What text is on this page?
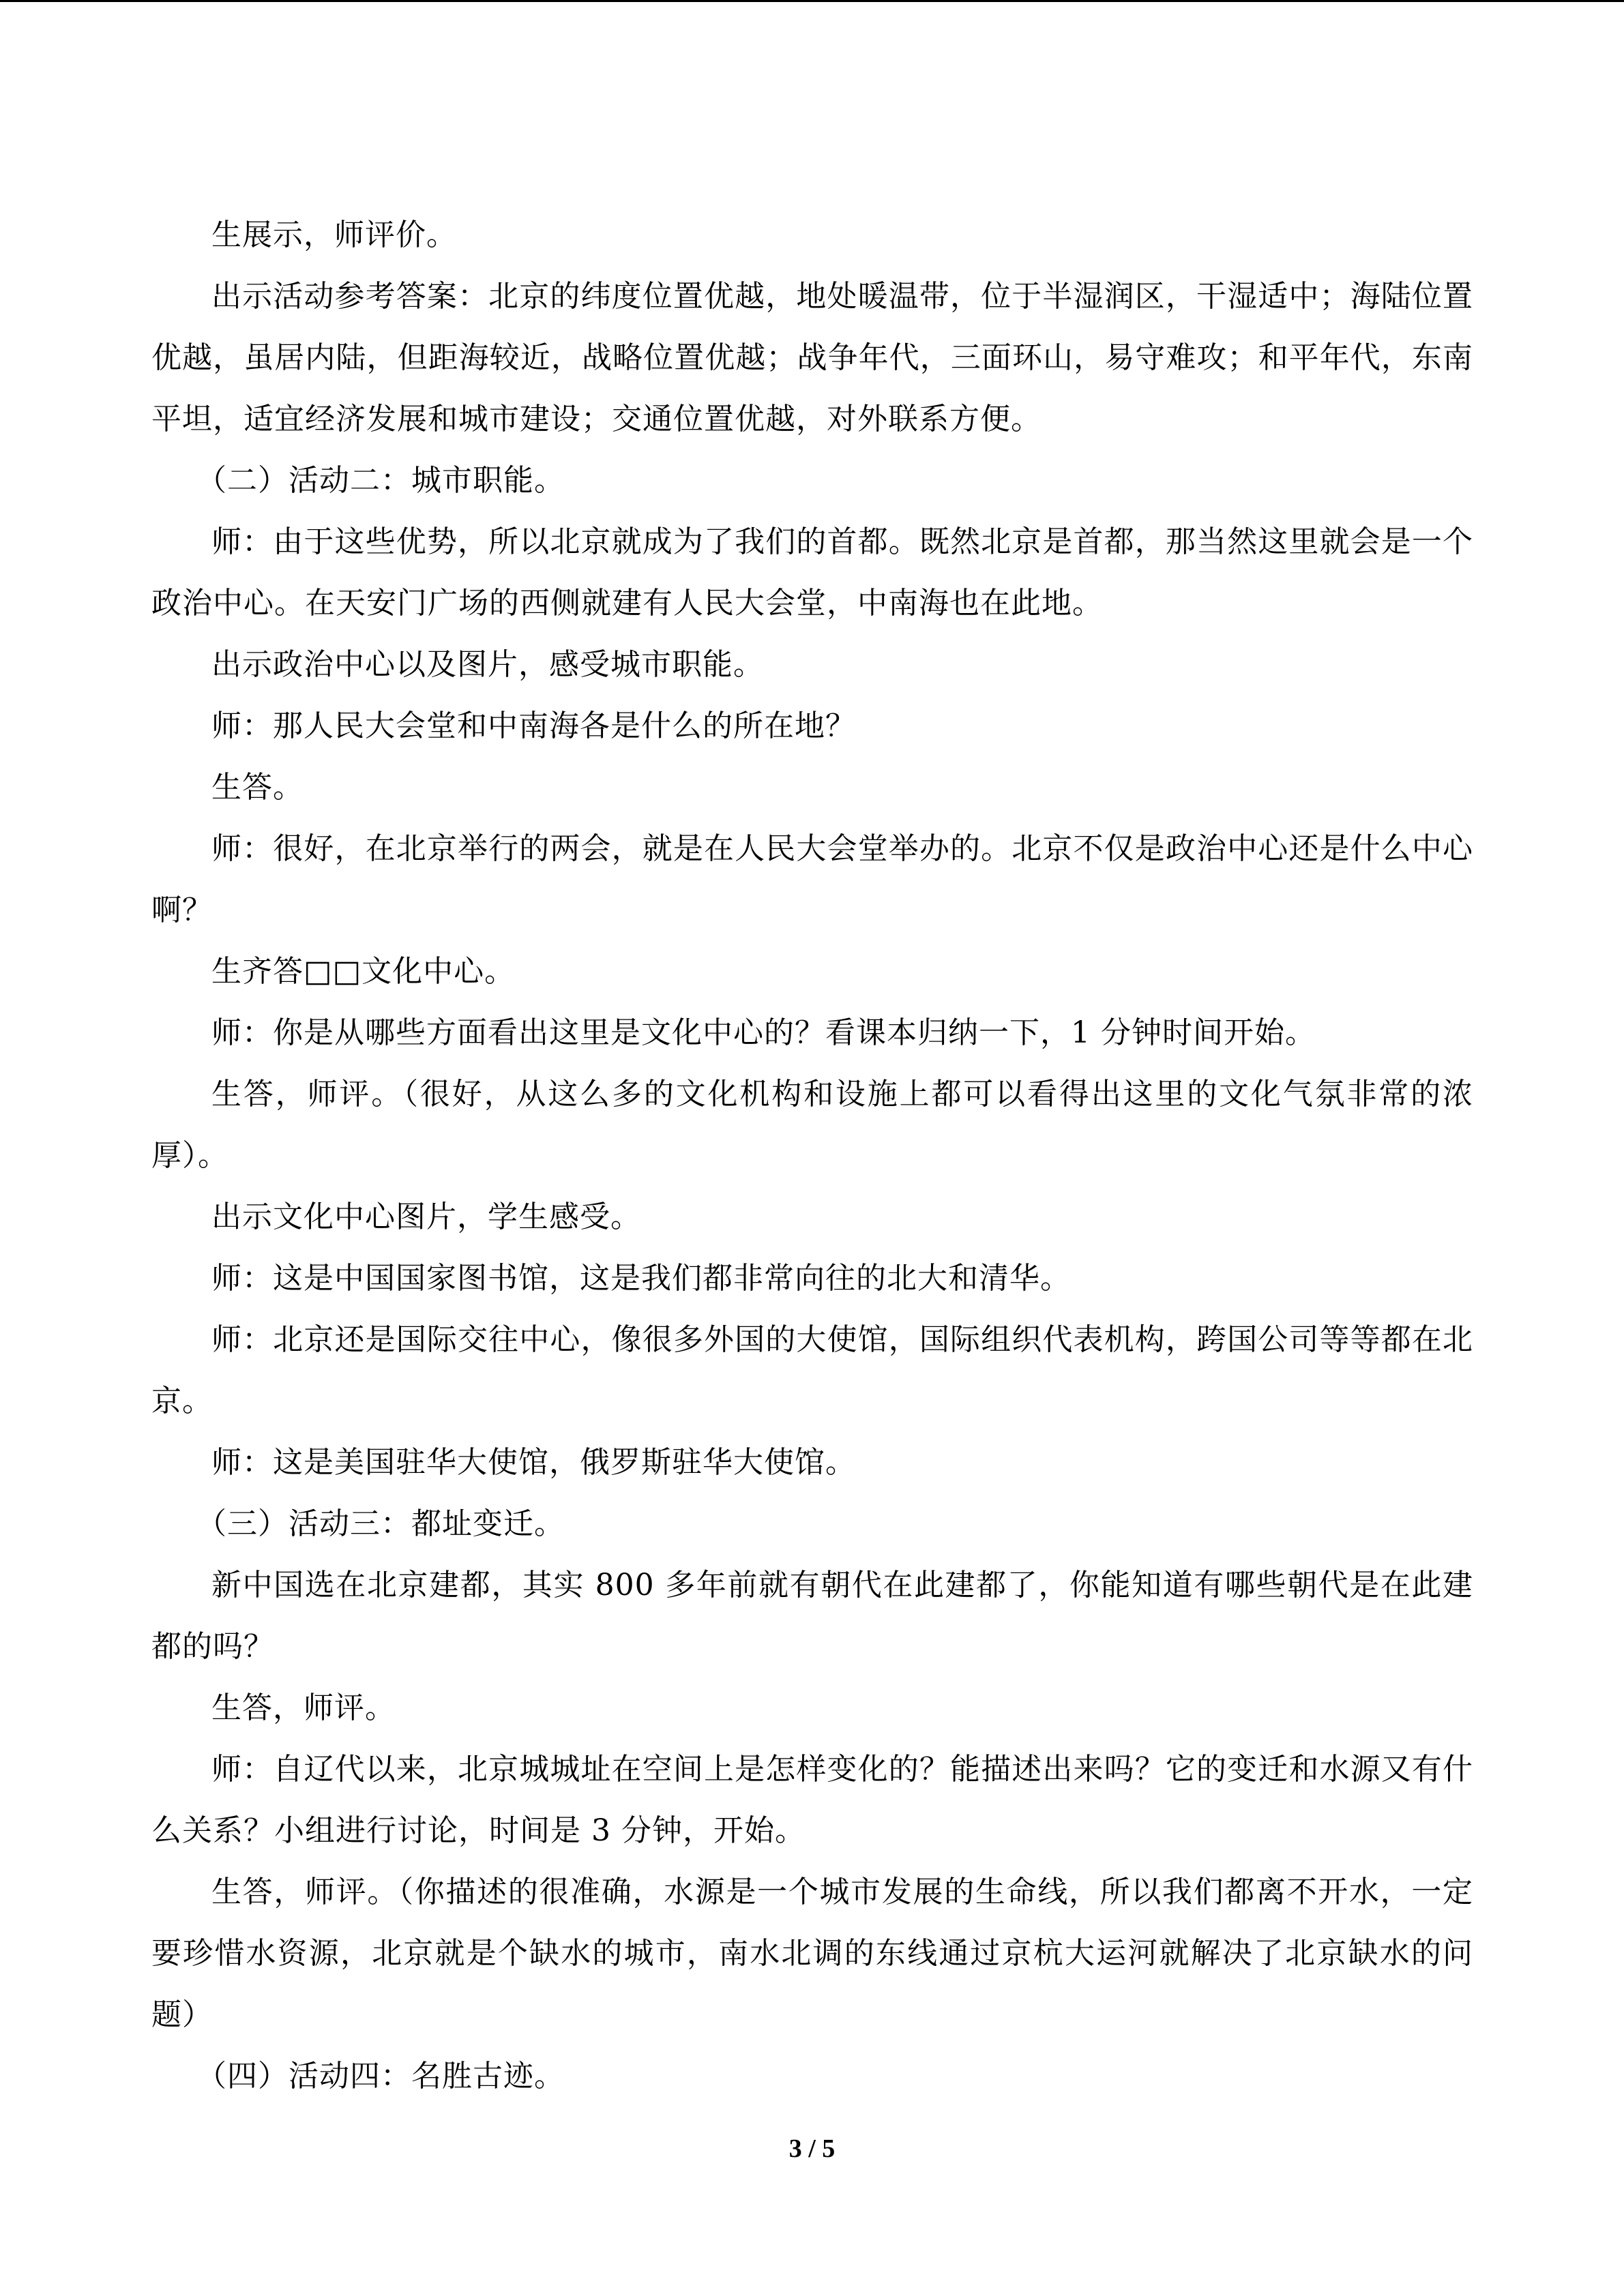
生展示，师评价。

出示活动参考答案：北京的纬度位置优越，地处暖温带，位于半湿润区，干湿适中；海陆位置优越，虽居内陆，但距海较近，战略位置优越；战争年代，三面环山，易守难攻；和平年代，东南平坦，适宜经济发展和城市建设；交通位置优越，对外联系方便。

（二）活动二：城市职能。

师：由于这些优势，所以北京就成为了我们的首都。既然北京是首都，那当然这里就会是一个政治中心。在天安门广场的西侧就建有人民大会堂，中南海也在此地。

出示政治中心以及图片，感受城市职能。

师：那人民大会堂和中南海各是什么的所在地？

生答。

师：很好，在北京举行的两会，就是在人民大会堂举办的。北京不仅是政治中心还是什么中心啊？

生齐答□□文化中心。

师：你是从哪些方面看出这里是文化中心的？看课本归纳一下，1 分钟时间开始。

生答，师评。（很好，从这么多的文化机构和设施上都可以看得出这里的文化气氛非常的浓厚）。

出示文化中心图片，学生感受。

师：这是中国国家图书馆，这是我们都非常向往的北大和清华。

师：北京还是国际交往中心，像很多外国的大使馆，国际组织代表机构，跨国公司等等都在北京。

师：这是美国驻华大使馆，俄罗斯驻华大使馆。

（三）活动三：都址变迁。

新中国选在北京建都，其实 800 多年前就有朝代在此建都了，你能知道有哪些朝代是在此建都的吗？

生答，师评。

师：自辽代以来，北京城城址在空间上是怎样变化的？能描述出来吗？它的变迁和水源又有什么关系？小组进行讨论，时间是 3 分钟，开始。

生答，师评。（你描述的很准确，水源是一个城市发展的生命线，所以我们都离不开水，一定要珍惜水资源，北京就是个缺水的城市，南水北调的东线通过京杭大运河就解决了北京缺水的问题）

（四）活动四：名胜古迹。

3 / 5
